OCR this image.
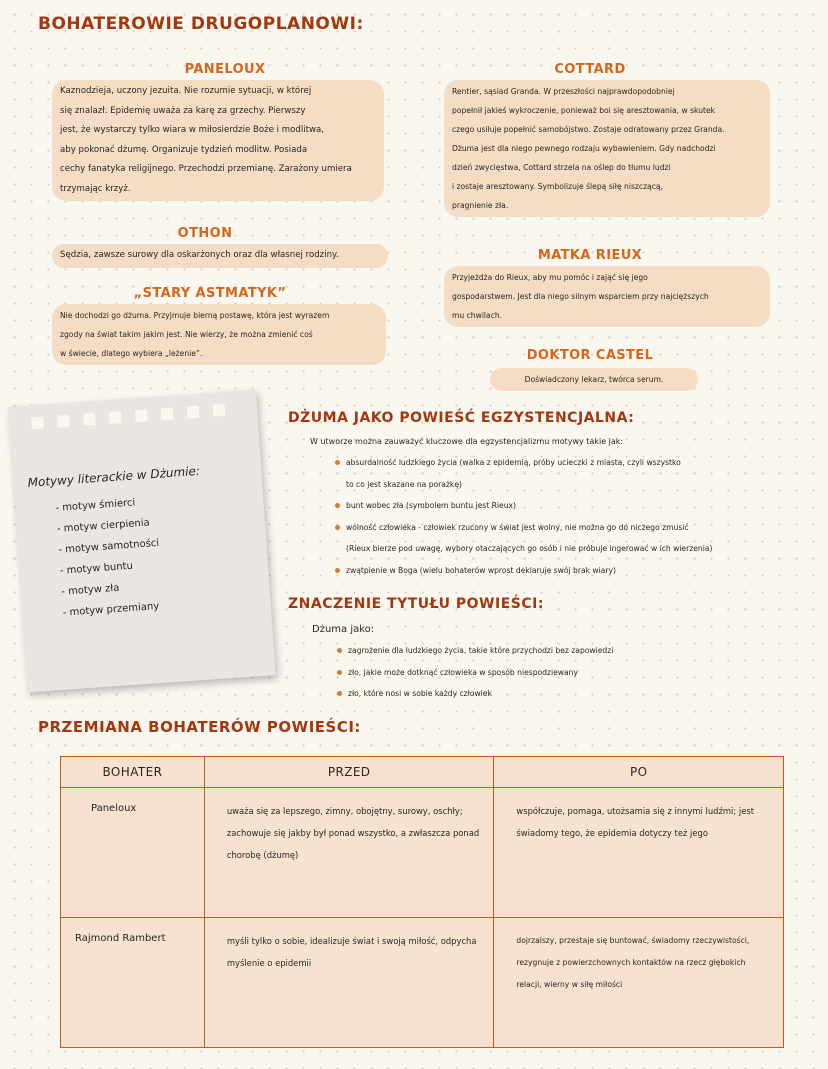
BOHATEROWIE DRUGOPLANOWI:
PANELOUX
Kaznodzieja, uczony jezuita. Nie rozumie sytuacji, w której
się znalazł. Epidemię uważa za karę za grzechy. Pierwszy
jest, że wystarczy tylko wiara w miłosierdzie Boże i modlitwa,
aby pokonać dżumę. Organizuje tydzień modlitw. Posiada
cechy fanatyka religijnego. Przechodzi przemianę. Zarażony umiera
trzymając krzyż.
OTHON
Sędzia, zawsze surowy dla oskarżonych oraz dla własnej rodziny.
„STARY ASTMATYK”
Nie dochodzi go dżuma. Przyjmuje bierną postawę, która jest wyrazem
zgody na świat takim jakim jest. Nie wierzy, że można zmienić coś
w świecie, dlatego wybiera „leżenie”.
COTTARD
Rentier, sąsiad Granda. W przeszłości najprawdopodobniej
popełnił jakieś wykroczenie, ponieważ boi się aresztowania, w skutek
czego usiłuje popełnić samobójstwo. Zostaje odratowany przez Granda.
Dżuma jest dla niego pewnego rodzaju wybawieniem. Gdy nadchodzi
dzień zwycięstwa, Cottard strzela na oślep do tłumu ludzi
i zostaje aresztowany. Symbolizuje ślepą siłę niszczącą,
pragnienie zła.
MATKA RIEUX
Przyjeżdża do Rieux, aby mu pomóc i zająć się jego
gospodarstwem. Jest dla niego silnym wsparciem przy najcięższych
mu chwilach.
DOKTOR CASTEL
Doświadczony lekarz, twórca serum.
Motywy literackie w Dżumie:
- motyw śmierci
- motyw cierpienia
- motyw samotności
- motyw buntu
- motyw zła
- motyw przemiany
DŻUMA JAKO POWIEŚĆ EGZYSTENCJALNA:
W utworze można zauważyć kluczowe dla egzystencjalizmu motywy takie jak:
absurdalność ludzkiego życia (walka z epidemią, próby ucieczki z miasta, czyli wszystko
to co jest skazane na porażkę)
bunt wobec zła (symbolem buntu jest Rieux)
wolność człowieka - człowiek rzucony w świat jest wolny, nie można go do niczego zmusić
(Rieux bierze pod uwagę, wybory otaczających go osób i nie próbuje ingerować w ich wierzenia)
zwątpienie w Boga (wielu bohaterów wprost deklaruje swój brak wiary)
ZNACZENIE TYTUŁU POWIEŚCI:
Dżuma jako:
zagrożenie dla ludzkiego życia, takie które przychodzi bez zapowiedzi
zło, jakie może dotknąć człowieka w sposób niespodziewany
zło, które nosi w sobie każdy człowiek
PRZEMIANA BOHATERÓW POWIEŚCI:
BOHATER	PRZED	PO
Paneloux	uważa się za lepszego, zimny, obojętny, surowy, oschły; zachowuje się jakby był ponad wszystko, a zwłaszcza ponad chorobę (dżumę)	współczuje, pomaga, utożsamia się z innymi ludźmi; jest świadomy tego, że epidemia dotyczy też jego
Rajmond Rambert	myśli tylko o sobie, idealizuje świat i swoją miłość, odpycha myślenie o epidemii	dojrzalszy, przestaje się buntować, świadomy rzeczywistości, rezygnuje z powierzchownych kontaktów na rzecz głębokich relacji, wierny w siłę miłości
